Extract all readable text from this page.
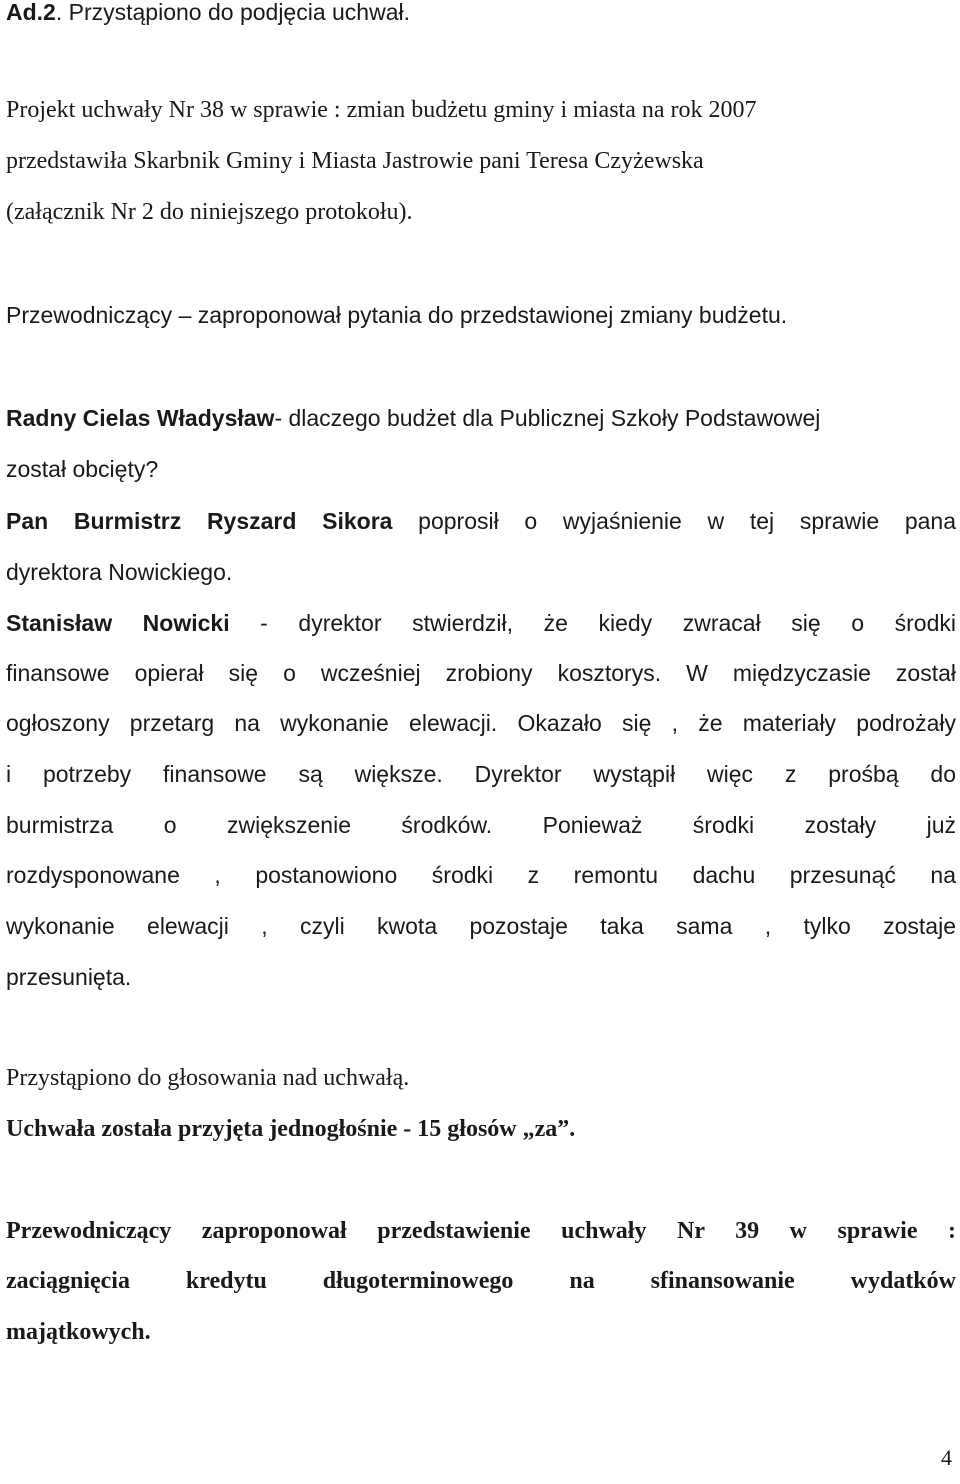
Ad.2. Przystąpiono do podjęcia uchwał.
Projekt uchwały Nr 38 w sprawie : zmian budżetu gminy i miasta na rok 2007
przedstawiła Skarbnik Gminy i Miasta Jastrowie pani Teresa Czyżewska
(załącznik Nr 2 do niniejszego protokołu).
Przewodniczący – zaproponował pytania do przedstawionej zmiany budżetu.
Radny Cielas Władysław- dlaczego budżet dla Publicznej Szkoły Podstawowej
został obcięty?
Pan Burmistrz Ryszard Sikora poprosił o wyjaśnienie w tej sprawie pana
dyrektora Nowickiego.
Stanisław Nowicki - dyrektor stwierdził, że kiedy zwracał się o środki
finansowe opierał się o wcześniej zrobiony kosztorys. W międzyczasie został
ogłoszony przetarg na wykonanie elewacji. Okazało się , że materiały podrożały
i potrzeby finansowe są większe. Dyrektor wystąpił więc z prośbą do
burmistrza o zwiększenie środków. Ponieważ środki zostały już
rozdysponowane , postanowiono środki z remontu dachu przesunąć na
wykonanie elewacji , czyli kwota pozostaje taka sama , tylko zostaje
przesunięta.
Przystąpiono do głosowania nad uchwałą.
Uchwała została przyjęta jednogłośnie - 15 głosów „za”.
Przewodniczący zaproponował przedstawienie uchwały Nr 39 w sprawie :
zaciągnięcia kredytu długoterminowego na sfinansowanie wydatków
majątkowych.
4
